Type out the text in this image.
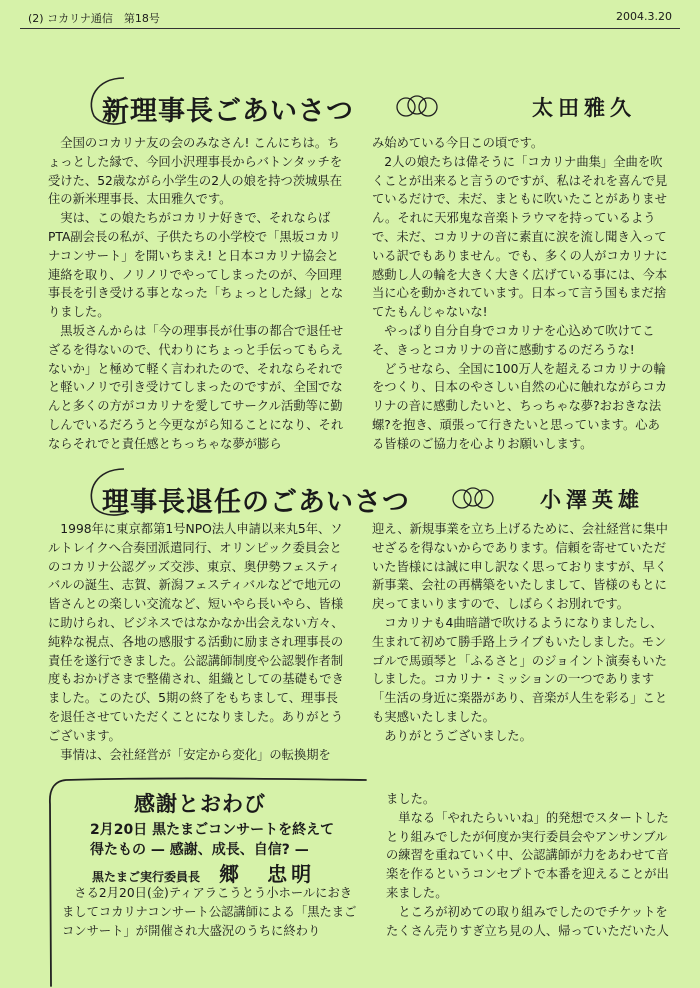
(2) コカリナ通信　第18号	2004.3.20
新理事長ごあいさつ	太田雅久

全国のコカリナ友の会のみなさん! こんにちは。ちょっとした縁で、今回小沢理事長からバトンタッチを受けた、52歳ながら小学生の2人の娘を持つ茨城県在住の新米理事長、太田雅久です。

実は、この娘たちがコカリナ好きで、それならばPTA副会長の私が、子供たちの小学校で「黒坂コカリナコンサート」を開いちまえ! と日本コカリナ協会と連絡を取り、ノリノリでやってしまったのが、今回理事長を引き受ける事となった「ちょっとした縁」となりました。

黒坂さんからは「今の理事長が仕事の都合で退任せざるを得ないので、代わりにちょっと手伝ってもらえないか」と極めて軽く言われたので、それならそれでと軽いノリで引き受けてしまったのですが、全国でなんと多くの方がコカリナを愛してサークル活動等に勤しんでいるだろうと今更ながら知ることになり、それならそれでと責任感とちっちゃな夢が膨ら

み始めている今日この頃です。

2人の娘たちは偉そうに「コカリナ曲集」全曲を吹くことが出来ると言うのですが、私はそれを喜んで見ているだけで、未だ、まともに吹いたことがありません。それに天邪鬼な音楽トラウマを持っているようで、未だ、コカリナの音に素直に涙を流し聞き入っている訳でもありません。でも、多くの人がコカリナに感動し人の輪を大きく大きく広げている事には、今本当に心を動かされています。日本って言う国もまだ捨てたもんじゃないな!

やっぱり自分自身でコカリナを心込めて吹けてこそ、きっとコカリナの音に感動するのだろうな!

どうせなら、全国に100万人を超えるコカリナの輪をつくり、日本のやさしい自然の心に触れながらコカリナの音に感動したいと、ちっちゃな夢?おおきな法螺?を抱き、頑張って行きたいと思っています。心ある皆様のご協力を心よりお願いします。

理事長退任のごあいさつ	小澤英雄

1998年に東京都第1号NPO法人申請以来丸5年、ソルトレイクへ合奏団派遣同行、オリンピック委員会とのコカリナ公認グッズ交渉、東京、奥伊勢フェスティバルの誕生、志賀、新潟フェスティバルなどで地元の皆さんとの楽しい交流など、短いやら長いやら、皆様に助けられ、ビジネスではなかなか出会えない方々、純粋な視点、各地の感服する活動に励まされ理事長の責任を遂行できました。公認講師制度や公認製作者制度もおかげさまで整備され、組織としての基礎もできました。このたび、5期の終了をもちまして、理事長を退任させていただくことになりました。ありがとうございます。

事情は、会社経営が「安定から変化」の転換期を

迎え、新規事業を立ち上げるために、会社経営に集中せざるを得ないからであります。信頼を寄せていただいた皆様には誠に申し訳なく思っておりますが、早く新事業、会社の再構築をいたしまして、皆様のもとに戻ってまいりますので、しばらくお別れです。

コカリナも4曲暗譜で吹けるようになりましたし、生まれて初めて勝手路上ライブもいたしました。モンゴルで馬頭琴と「ふるさと」のジョイント演奏もいたしました。コカリナ・ミッションの一つであります「生活の身近に楽器があり、音楽が人生を彩る」ことも実感いたしました。

ありがとうございました。

感謝とおわび
2月20日 黒たまごコンサートを終えて
得たもの — 感謝、成長、自信? —
黒たまご実行委員長 郷　忠明

さる2月20日(金)ティアラこうとう小ホールにおきましてコカリナコンサート公認講師による「黒たまごコンサート」が開催され大盛況のうちに終わり

ました。

単なる「やれたらいいね」的発想でスタートしたとり組みでしたが何度か実行委員会やアンサンブルの練習を重ねていく中、公認講師が力をあわせて音楽を作るというコンセプトで本番を迎えることが出来ました。

ところが初めての取り組みでしたのでチケットをたくさん売りすぎ立ち見の人、帰っていただいた人
